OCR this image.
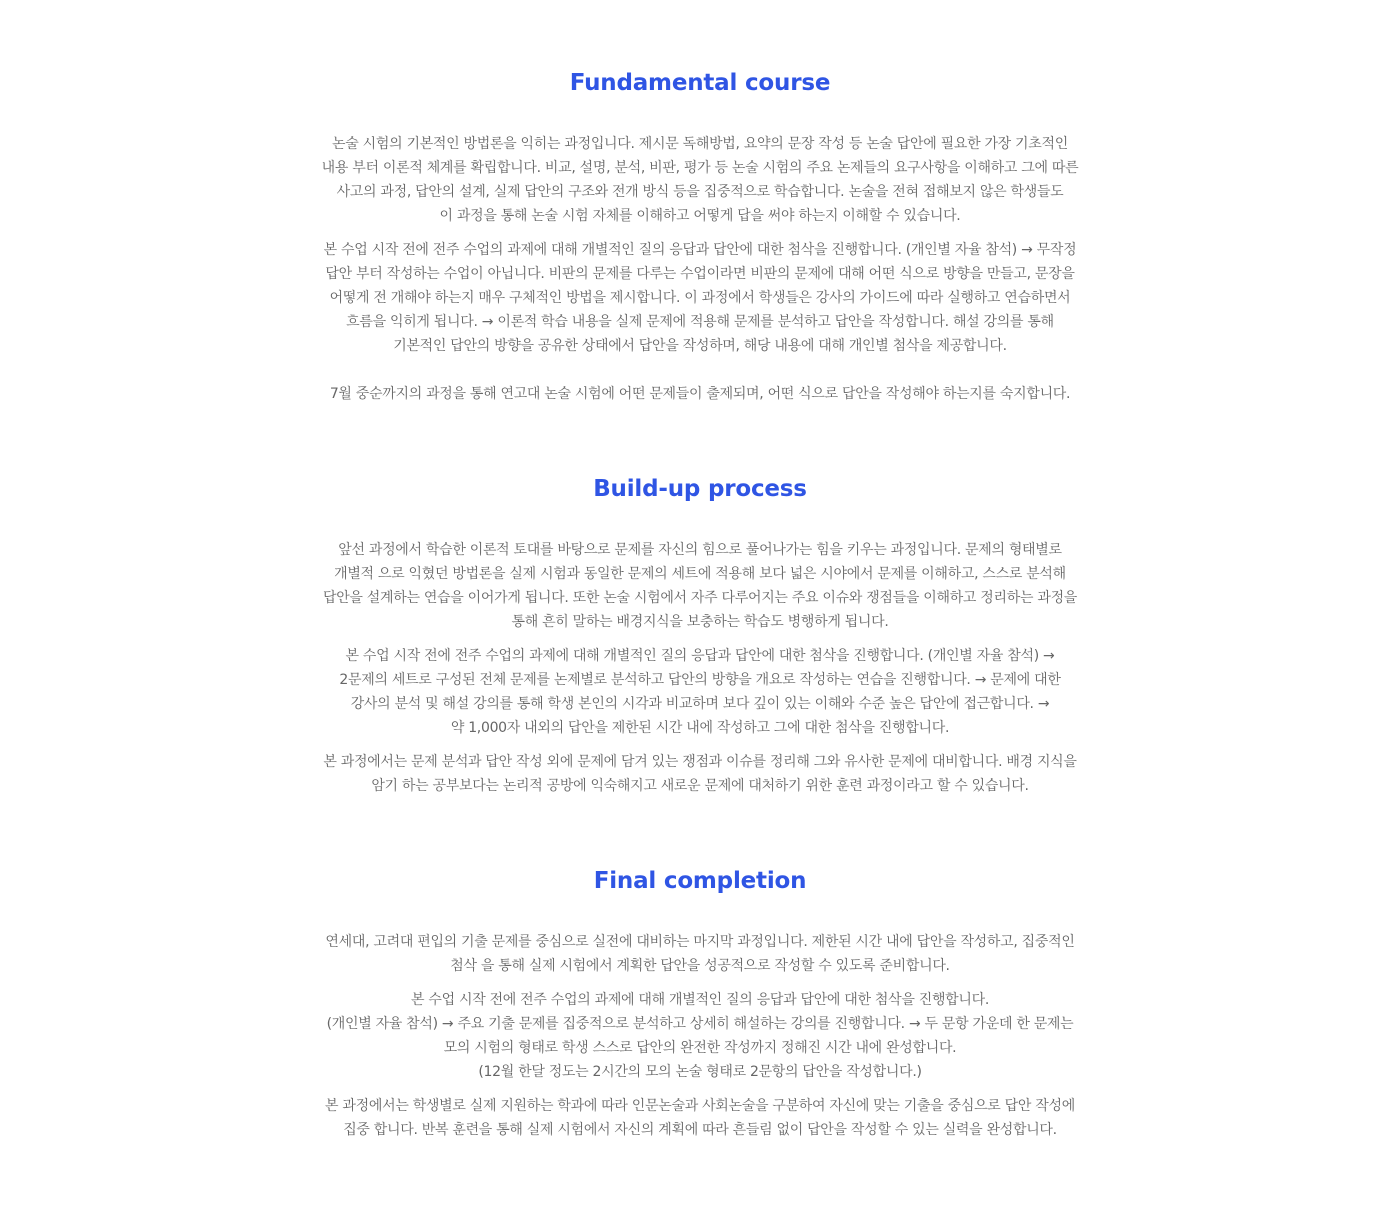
Fundamental course

논술 시험의 기본적인 방법론을 익히는 과정입니다. 제시문 독해방법, 요약의 문장 작성 등 논술 답안에 필요한 가장 기초적인
내용 부터 이론적 체계를 확립합니다. 비교, 설명, 분석, 비판, 평가 등 논술 시험의 주요 논제들의 요구사항을 이해하고 그에 따른
사고의 과정, 답안의 설계, 실제 답안의 구조와 전개 방식 등을 집중적으로 학습합니다. 논술을 전혀 접해보지 않은 학생들도
이 과정을 통해 논술 시험 자체를 이해하고 어떻게 답을 써야 하는지 이해할 수 있습니다.

본 수업 시작 전에 전주 수업의 과제에 대해 개별적인 질의 응답과 답안에 대한 첨삭을 진행합니다. (개인별 자율 참석) → 무작정
답안 부터 작성하는 수업이 아닙니다. 비판의 문제를 다루는 수업이라면 비판의 문제에 대해 어떤 식으로 방향을 만들고, 문장을
어떻게 전 개해야 하는지 매우 구체적인 방법을 제시합니다. 이 과정에서 학생들은 강사의 가이드에 따라 실행하고 연습하면서
흐름을 익히게 됩니다. → 이론적 학습 내용을 실제 문제에 적용해 문제를 분석하고 답안을 작성합니다. 해설 강의를 통해
기본적인 답안의 방향을 공유한 상태에서 답안을 작성하며, 해당 내용에 대해 개인별 첨삭을 제공합니다.

7월 중순까지의 과정을 통해 연고대 논술 시험에 어떤 문제들이 출제되며, 어떤 식으로 답안을 작성해야 하는지를 숙지합니다.

Build-up process

앞선 과정에서 학습한 이론적 토대를 바탕으로 문제를 자신의 힘으로 풀어나가는 힘을 키우는 과정입니다. 문제의 형태별로
개별적 으로 익혔던 방법론을 실제 시험과 동일한 문제의 세트에 적용해 보다 넓은 시야에서 문제를 이해하고, 스스로 분석해
답안을 설계하는 연습을 이어가게 됩니다. 또한 논술 시험에서 자주 다루어지는 주요 이슈와 쟁점들을 이해하고 정리하는 과정을
통해 흔히 말하는 배경지식을 보충하는 학습도 병행하게 됩니다.

본 수업 시작 전에 전주 수업의 과제에 대해 개별적인 질의 응답과 답안에 대한 첨삭을 진행합니다. (개인별 자율 참석) →
2문제의 세트로 구성된 전체 문제를 논제별로 분석하고 답안의 방향을 개요로 작성하는 연습을 진행합니다. → 문제에 대한
강사의 분석 및 해설 강의를 통해 학생 본인의 시각과 비교하며 보다 깊이 있는 이해와 수준 높은 답안에 접근합니다. →
약 1,000자 내외의 답안을 제한된 시간 내에 작성하고 그에 대한 첨삭을 진행합니다.

본 과정에서는 문제 분석과 답안 작성 외에 문제에 담겨 있는 쟁점과 이슈를 정리해 그와 유사한 문제에 대비합니다. 배경 지식을
암기 하는 공부보다는 논리적 공방에 익숙해지고 새로운 문제에 대처하기 위한 훈련 과정이라고 할 수 있습니다.

Final completion

연세대, 고려대 편입의 기출 문제를 중심으로 실전에 대비하는 마지막 과정입니다. 제한된 시간 내에 답안을 작성하고, 집중적인
첨삭 을 통해 실제 시험에서 계획한 답안을 성공적으로 작성할 수 있도록 준비합니다.

본 수업 시작 전에 전주 수업의 과제에 대해 개별적인 질의 응답과 답안에 대한 첨삭을 진행합니다.
(개인별 자율 참석) → 주요 기출 문제를 집중적으로 분석하고 상세히 해설하는 강의를 진행합니다. → 두 문항 가운데 한 문제는
모의 시험의 형태로 학생 스스로 답안의 완전한 작성까지 정해진 시간 내에 완성합니다.
(12월 한달 정도는 2시간의 모의 논술 형태로 2문항의 답안을 작성합니다.)

본 과정에서는 학생별로 실제 지원하는 학과에 따라 인문논술과 사회논술을 구분하여 자신에 맞는 기출을 중심으로 답안 작성에
집중 합니다. 반복 훈련을 통해 실제 시험에서 자신의 계획에 따라 흔들림 없이 답안을 작성할 수 있는 실력을 완성합니다.
